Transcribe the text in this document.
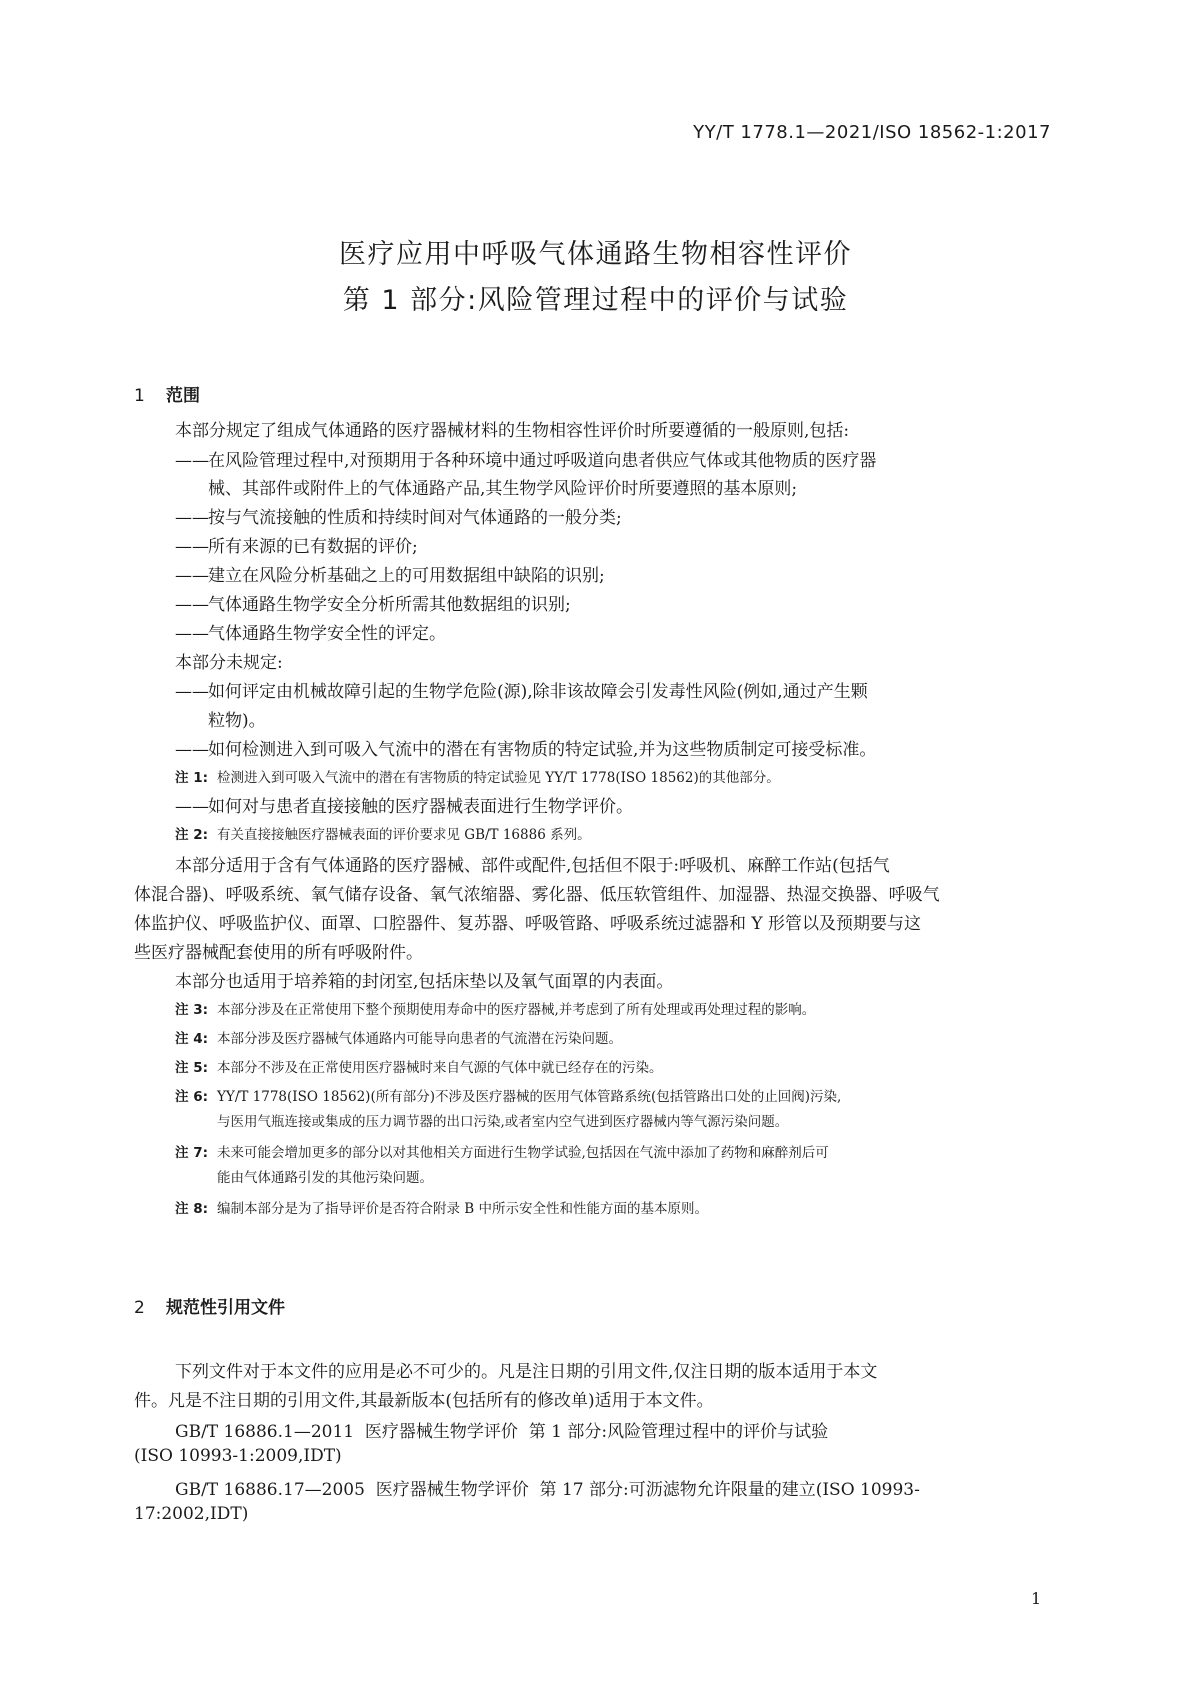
YY/T 1778.1—2021/ISO 18562-1:2017

医疗应用中呼吸气体通路生物相容性评价

第 1 部分:风险管理过程中的评价与试验

1 范围

本部分规定了组成气体通路的医疗器械材料的生物相容性评价时所要遵循的一般原则,包括:

——在风险管理过程中,对预期用于各种环境中通过呼吸道向患者供应气体或其他物质的医疗器

械、其部件或附件上的气体通路产品,其生物学风险评价时所要遵照的基本原则;

——按与气流接触的性质和持续时间对气体通路的一般分类;

——所有来源的已有数据的评价;

——建立在风险分析基础之上的可用数据组中缺陷的识别;

——气体通路生物学安全分析所需其他数据组的识别;

——气体通路生物学安全性的评定。

本部分未规定:

——如何评定由机械故障引起的生物学危险(源),除非该故障会引发毒性风险(例如,通过产生颗

粒物)。

——如何检测进入到可吸入气流中的潜在有害物质的特定试验,并为这些物质制定可接受标准。

注 1: 检测进入到可吸入气流中的潜在有害物质的特定试验见 YY/T 1778(ISO 18562)的其他部分。

——如何对与患者直接接触的医疗器械表面进行生物学评价。

注 2: 有关直接接触医疗器械表面的评价要求见 GB/T 16886 系列。

本部分适用于含有气体通路的医疗器械、部件或配件,包括但不限于:呼吸机、麻醉工作站(包括气

体混合器)、呼吸系统、氧气储存设备、氧气浓缩器、雾化器、低压软管组件、加湿器、热湿交换器、呼吸气

体监护仪、呼吸监护仪、面罩、口腔器件、复苏器、呼吸管路、呼吸系统过滤器和 Y 形管以及预期要与这

些医疗器械配套使用的所有呼吸附件。

本部分也适用于培养箱的封闭室,包括床垫以及氧气面罩的内表面。

注 3: 本部分涉及在正常使用下整个预期使用寿命中的医疗器械,并考虑到了所有处理或再处理过程的影响。

注 4: 本部分涉及医疗器械气体通路内可能导向患者的气流潜在污染问题。

注 5: 本部分不涉及在正常使用医疗器械时来自气源的气体中就已经存在的污染。

注 6: YY/T 1778(ISO 18562)(所有部分)不涉及医疗器械的医用气体管路系统(包括管路出口处的止回阀)污染,

与医用气瓶连接或集成的压力调节器的出口污染,或者室内空气进到医疗器械内等气源污染问题。

注 7: 未来可能会增加更多的部分以对其他相关方面进行生物学试验,包括因在气流中添加了药物和麻醉剂后可

能由气体通路引发的其他污染问题。

注 8: 编制本部分是为了指导评价是否符合附录 B 中所示安全性和性能方面的基本原则。

2 规范性引用文件

下列文件对于本文件的应用是必不可少的。凡是注日期的引用文件,仅注日期的版本适用于本文

件。凡是不注日期的引用文件,其最新版本(包括所有的修改单)适用于本文件。

GB/T 16886.1—2011  医疗器械生物学评价  第 1 部分:风险管理过程中的评价与试验

(ISO 10993-1:2009,IDT)

GB/T 16886.17—2005  医疗器械生物学评价  第 17 部分:可沥滤物允许限量的建立(ISO 10993-

17:2002,IDT)

1
